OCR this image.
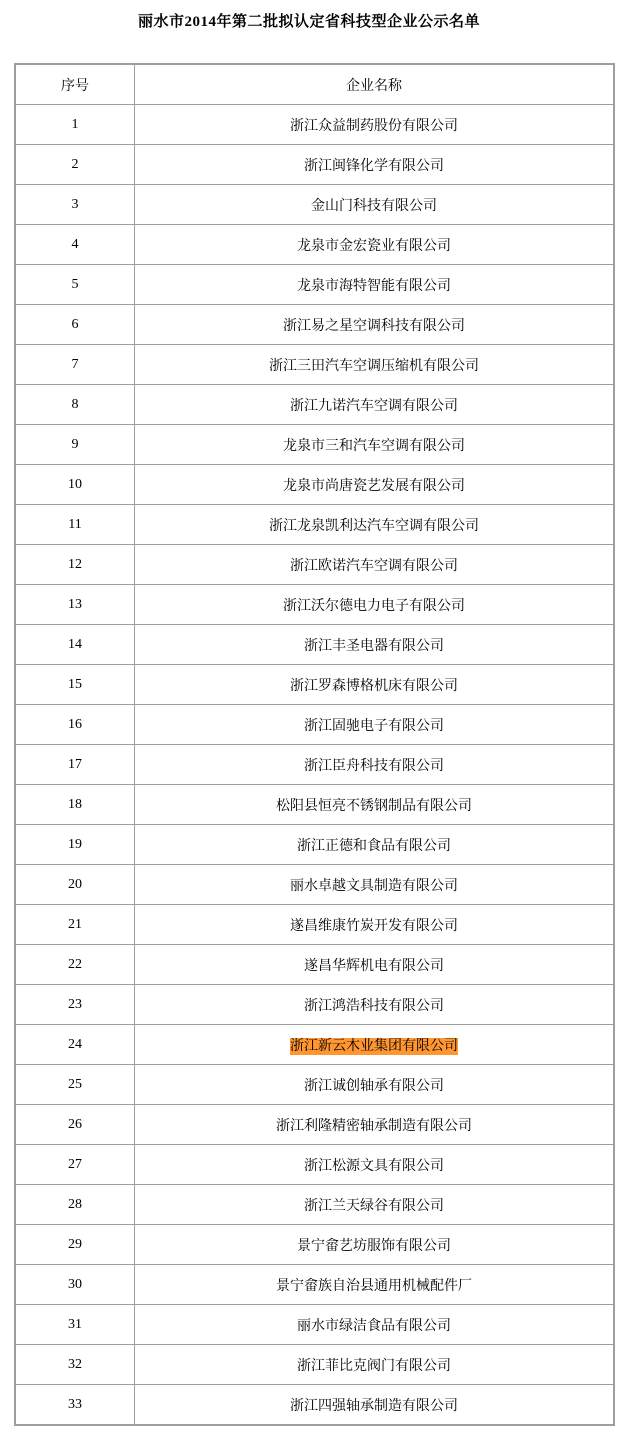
丽水市2014年第二批拟认定省科技型企业公示名单
序号	企业名称
1	浙江众益制药股份有限公司
2	浙江闽锋化学有限公司
3	金山门科技有限公司
4	龙泉市金宏瓷业有限公司
5	龙泉市海特智能有限公司
6	浙江易之星空调科技有限公司
7	浙江三田汽车空调压缩机有限公司
8	浙江九诺汽车空调有限公司
9	龙泉市三和汽车空调有限公司
10	龙泉市尚唐瓷艺发展有限公司
11	浙江龙泉凯利达汽车空调有限公司
12	浙江欧诺汽车空调有限公司
13	浙江沃尔德电力电子有限公司
14	浙江丰圣电器有限公司
15	浙江罗森博格机床有限公司
16	浙江固驰电子有限公司
17	浙江臣舟科技有限公司
18	松阳县恒亮不锈钢制品有限公司
19	浙江正德和食品有限公司
20	丽水卓越文具制造有限公司
21	遂昌维康竹炭开发有限公司
22	遂昌华辉机电有限公司
23	浙江鸿浩科技有限公司
24	浙江新云木业集团有限公司
25	浙江诚创轴承有限公司
26	浙江利隆精密轴承制造有限公司
27	浙江松源文具有限公司
28	浙江兰天绿谷有限公司
29	景宁畲艺坊服饰有限公司
30	景宁畲族自治县通用机械配件厂
31	丽水市绿洁食品有限公司
32	浙江菲比克阀门有限公司
33	浙江四强轴承制造有限公司
